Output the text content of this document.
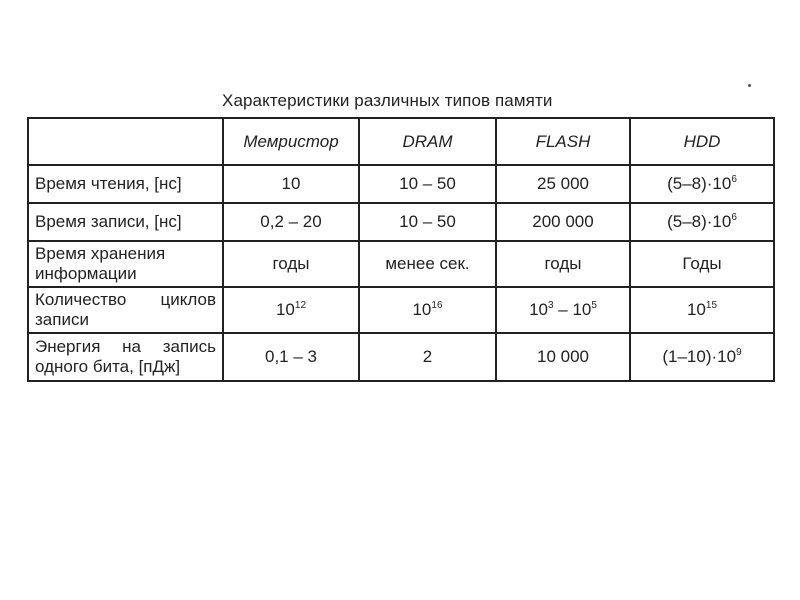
Характеристики различных типов памяти
	Мемристор	DRAM	FLASH	HDD
Время чтения, [нс]	10	10 – 50	25 000	$(5-8)\cdot 10^6$
Время записи, [нс]	0,2 – 20	10 – 50	200 000	$(5-8)\cdot 10^6$
Время хранения информации	годы	менее сек.	годы	Годы
Количество циклов записи	$10^{12}$	$10^{16}$	$10^3 - 10^5$	$10^{15}$
Энергия на запись одного бита, [пДж]	0,1 – 3	2	10 000	$(1-10)\cdot 10^9$
